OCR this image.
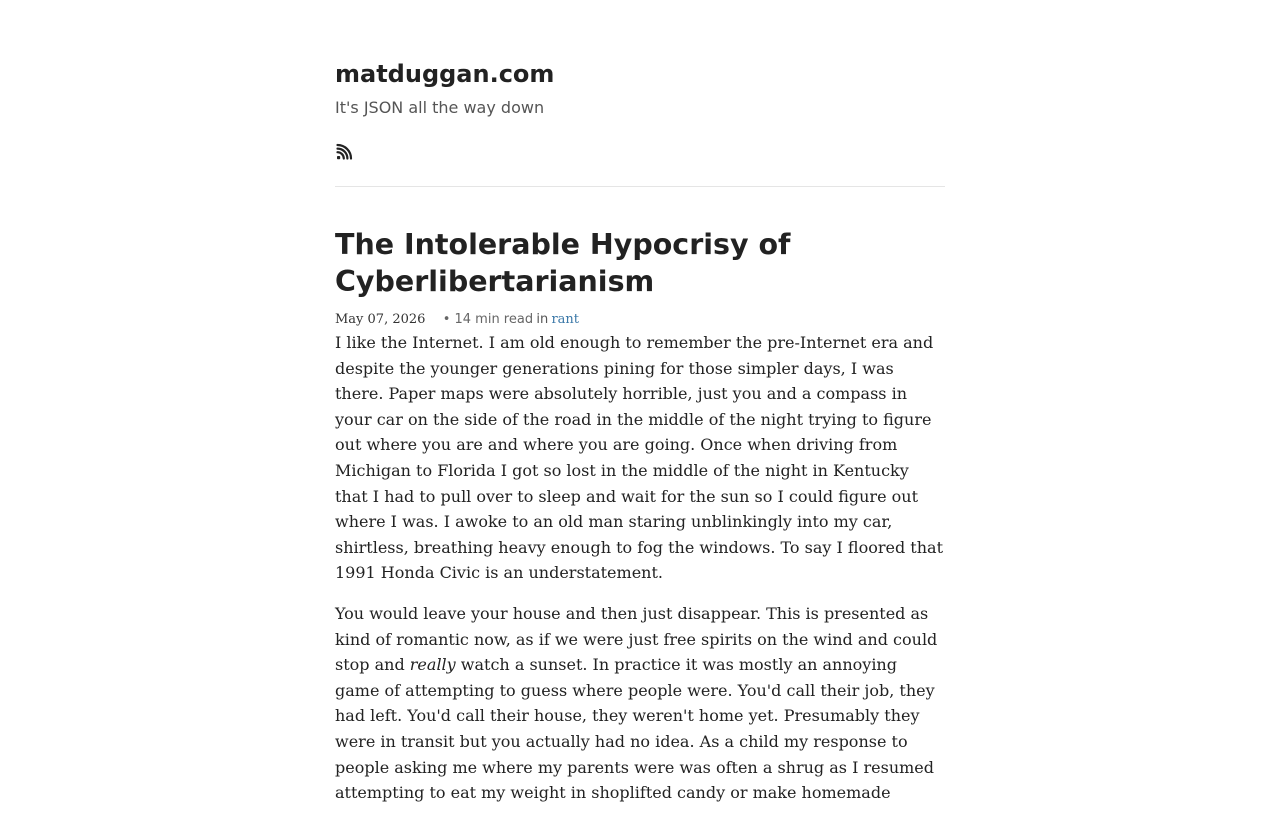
matduggan.com
It's JSON all the way down
The Intolerable Hypocrisy of Cyberlibertarianism
May 07, 2026 • 14 min read in rant

I like the Internet. I am old enough to remember the pre-Internet era and despite the younger generations pining for those simpler days, I was there. Paper maps were absolutely horrible, just you and a compass in your car on the side of the road in the middle of the night trying to figure out where you are and where you are going. Once when driving from Michigan to Florida I got so lost in the middle of the night in Kentucky that I had to pull over to sleep and wait for the sun so I could figure out where I was. I awoke to an old man staring unblinkingly into my car, shirtless, breathing heavy enough to fog the windows. To say I floored that 1991 Honda Civic is an understatement.

You would leave your house and then just disappear. This is presented as kind of romantic now, as if we were just free spirits on the wind and could stop and really watch a sunset. In practice it was mostly an annoying game of attempting to guess where people were. You'd call their job, they had left. You'd call their house, they weren't home yet. Presumably they were in transit but you actually had no idea. As a child my response to people asking me where my parents were was often a shrug as I resumed attempting to eat my weight in shoplifted candy or make homemade
